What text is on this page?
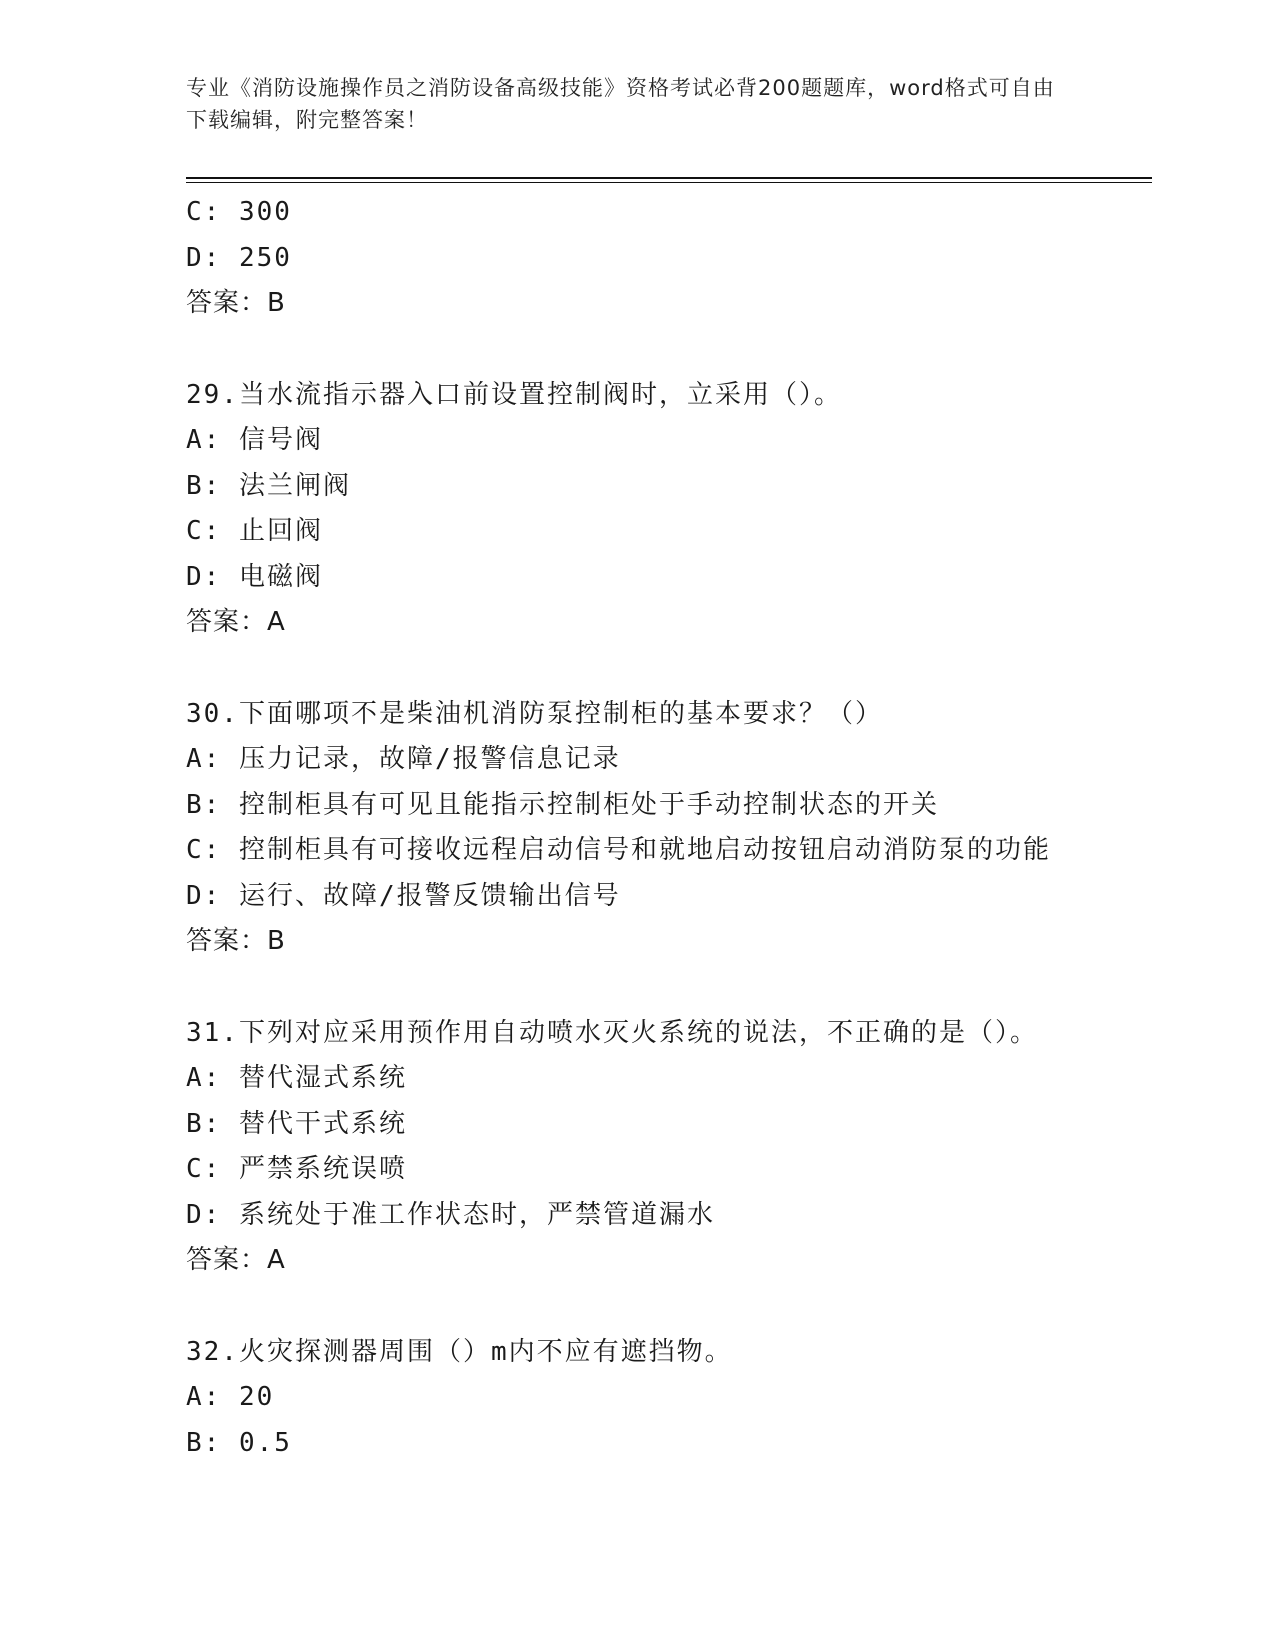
专业《消防设施操作员之消防设备高级技能》资格考试必背200题题库，word格式可自由下载编辑，附完整答案！
C: 300
D: 250
答案：B
29.当水流指示器入口前设置控制阀时，立采用（）。
A: 信号阀
B: 法兰闸阀
C: 止回阀
D: 电磁阀
答案：A
30.下面哪项不是柴油机消防泵控制柜的基本要求？（）
A: 压力记录，故障/报警信息记录
B: 控制柜具有可见且能指示控制柜处于手动控制状态的开关
C: 控制柜具有可接收远程启动信号和就地启动按钮启动消防泵的功能
D: 运行、故障/报警反馈输出信号
答案：B
31.下列对应采用预作用自动喷水灭火系统的说法，不正确的是（）。
A: 替代湿式系统
B: 替代干式系统
C: 严禁系统误喷
D: 系统处于准工作状态时，严禁管道漏水
答案：A
32.火灾探测器周围（）m内不应有遮挡物。
A: 20
B: 0.5
